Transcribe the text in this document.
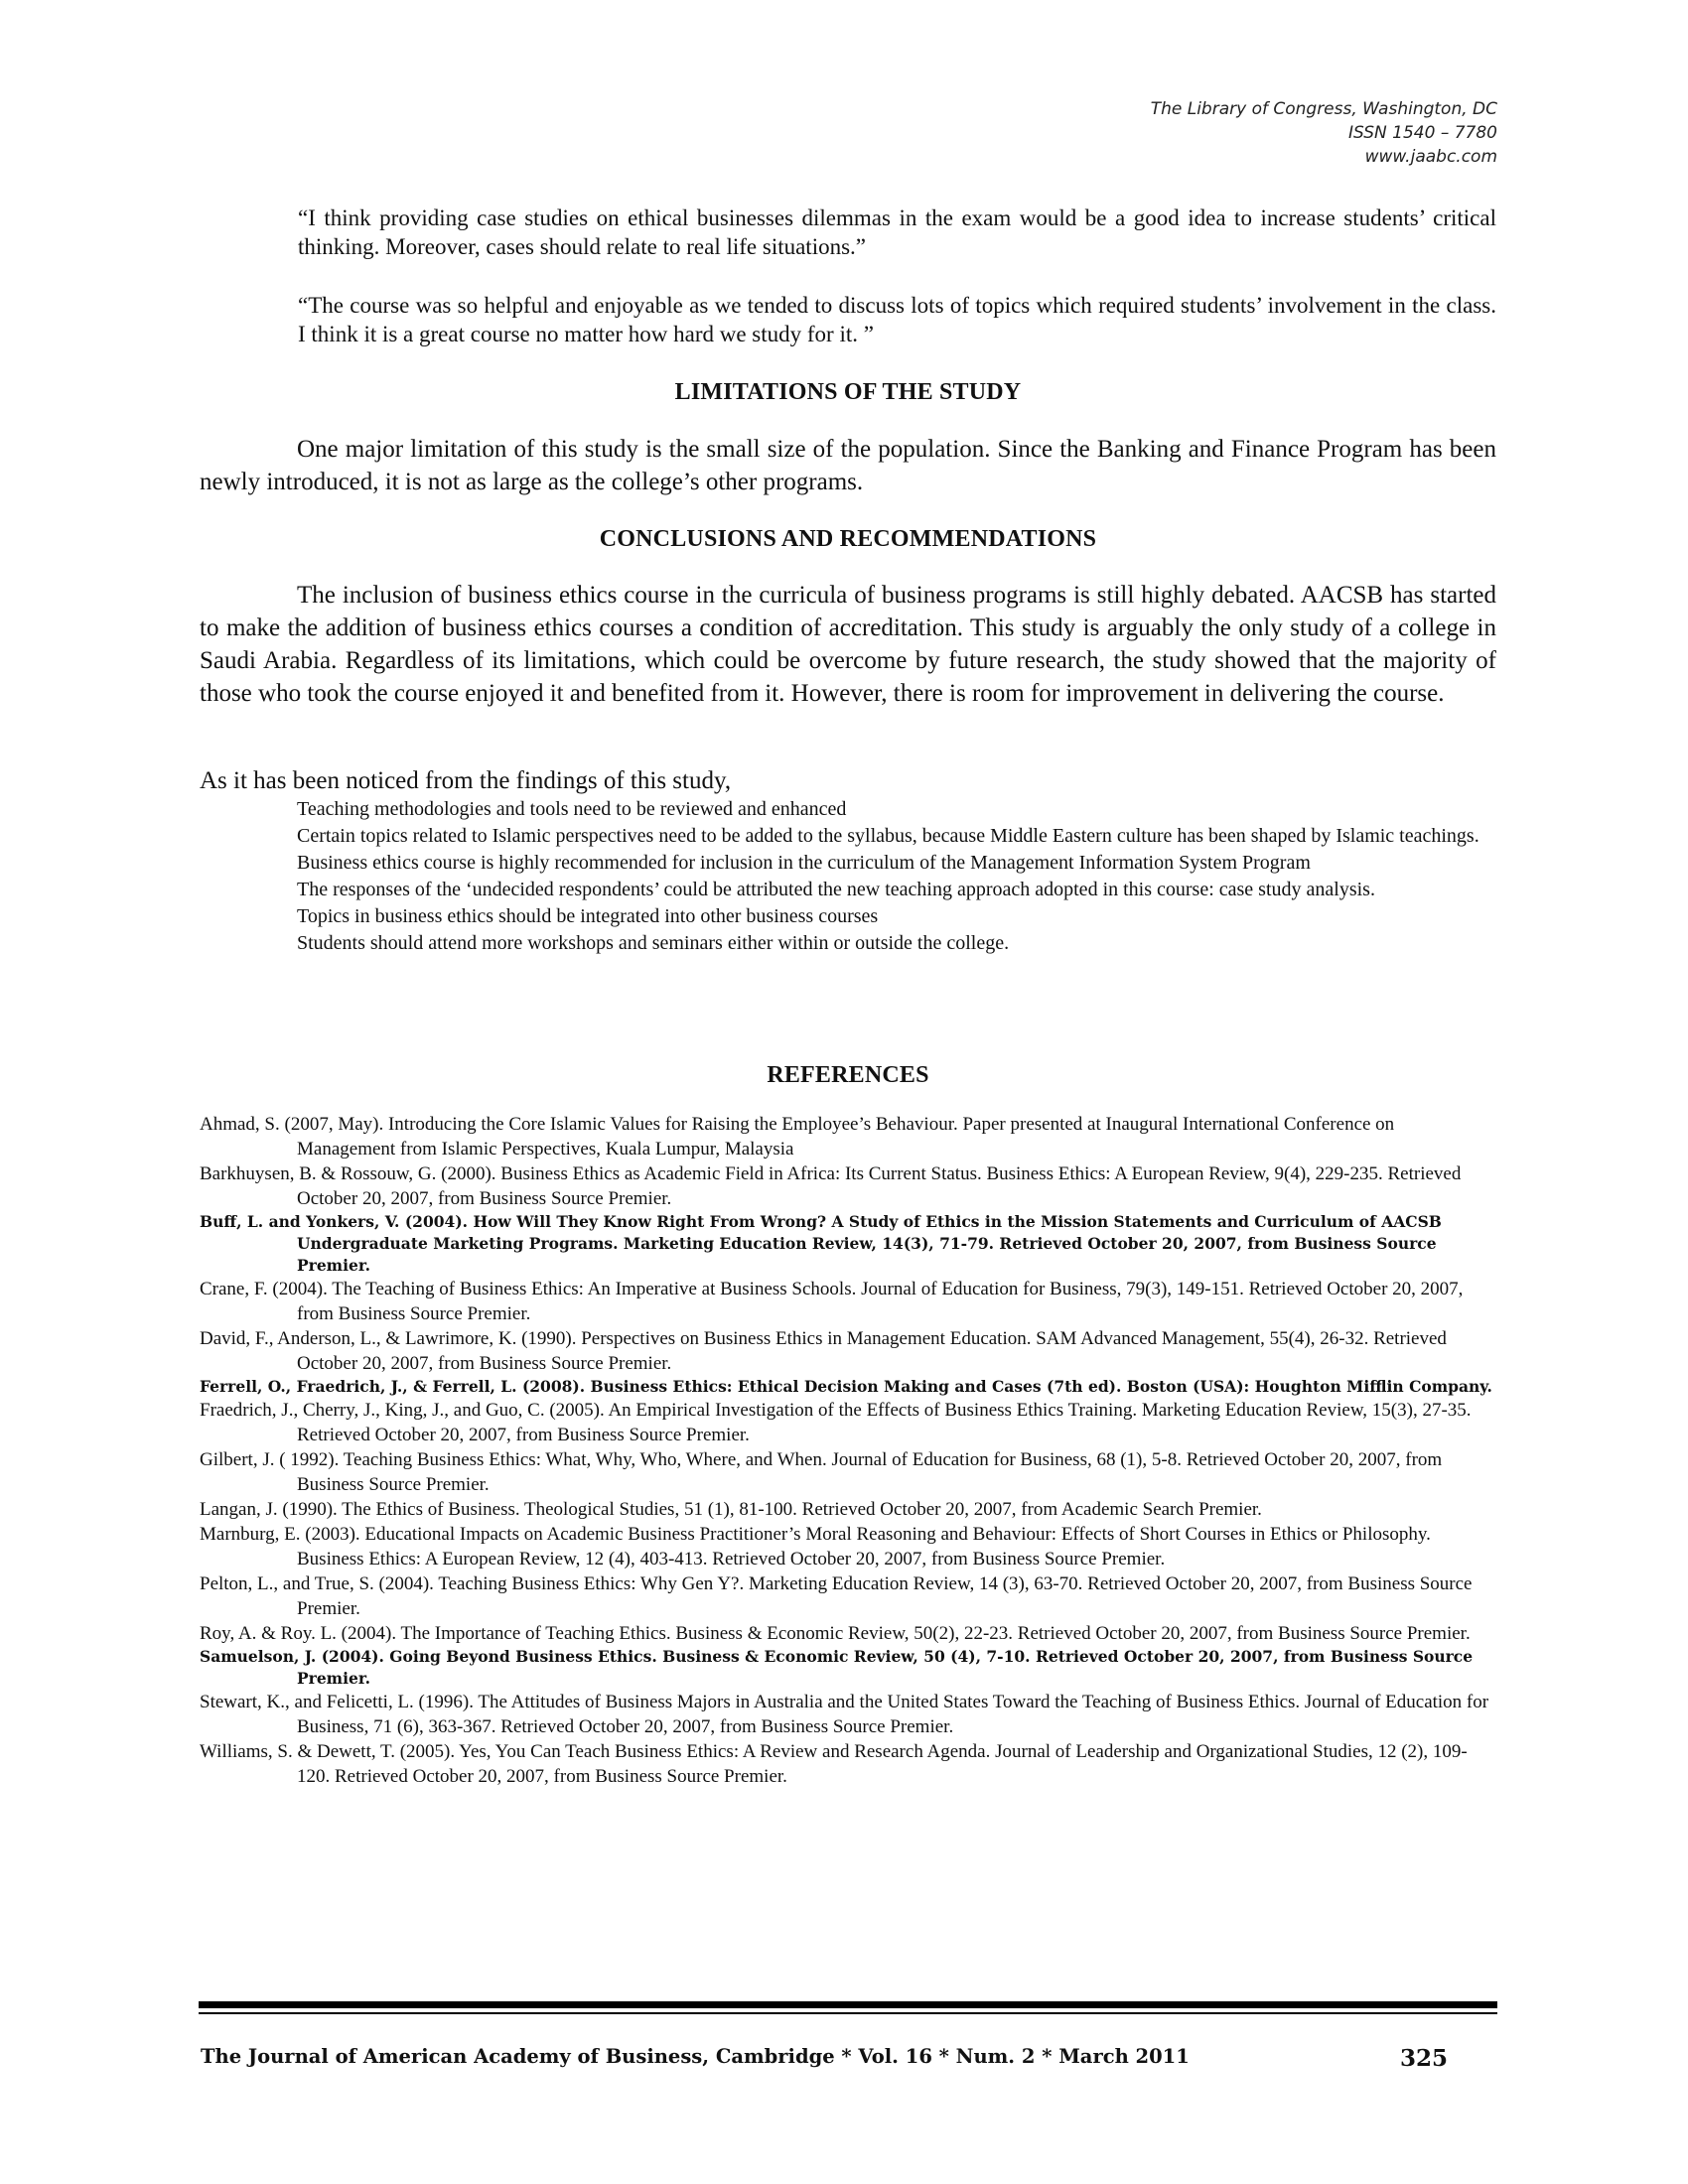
The Library of Congress, Washington, DC
ISSN 1540 – 7780
www.jaabc.com

“I think providing case studies on ethical businesses dilemmas in the exam would be a good idea to increase students’ critical thinking. Moreover, cases should relate to real life situations.”

“The course was so helpful and enjoyable as we tended to discuss lots of topics which required students’ involvement in the class. I think it is a great course no matter how hard we study for it. ”

LIMITATIONS OF THE STUDY

One major limitation of this study is the small size of the population. Since the Banking and Finance Program has been newly introduced, it is not as large as the college’s other programs.

CONCLUSIONS AND RECOMMENDATIONS

The inclusion of business ethics course in the curricula of business programs is still highly debated. AACSB has started to make the addition of business ethics courses a condition of accreditation. This study is arguably the only study of a college in Saudi Arabia. Regardless of its limitations, which could be overcome by future research, the study showed that the majority of those who took the course enjoyed it and benefited from it. However, there is room for improvement in delivering the course.

As it has been noticed from the findings of this study,

Teaching methodologies and tools need to be reviewed and enhanced
Certain topics related to Islamic perspectives need to be added to the syllabus, because Middle Eastern culture has been shaped by Islamic teachings.
Business ethics course is highly recommended for inclusion in the curriculum of the Management Information System Program
The responses of the ‘undecided respondents’ could be attributed the new teaching approach adopted in this course: case study analysis.
Topics in business ethics should be integrated into other business courses
Students should attend more workshops and seminars either within or outside the college.
REFERENCES
Ahmad, S. (2007, May). Introducing the Core Islamic Values for Raising the Employee’s Behaviour. Paper presented at Inaugural International Conference on Management from Islamic Perspectives, Kuala Lumpur, Malaysia
Barkhuysen, B. & Rossouw, G. (2000). Business Ethics as Academic Field in Africa: Its Current Status. Business Ethics: A European Review, 9(4), 229-235. Retrieved October 20, 2007, from Business Source Premier.
Buff, L. and Yonkers, V. (2004). How Will They Know Right From Wrong? A Study of Ethics in the Mission Statements and Curriculum of AACSB Undergraduate Marketing Programs. Marketing Education Review, 14(3), 71-79. Retrieved October 20, 2007, from Business Source Premier.
Crane, F. (2004). The Teaching of Business Ethics: An Imperative at Business Schools. Journal of Education for Business, 79(3), 149-151. Retrieved October 20, 2007, from Business Source Premier.
David, F., Anderson, L., & Lawrimore, K. (1990). Perspectives on Business Ethics in Management Education. SAM Advanced Management, 55(4), 26-32. Retrieved October 20, 2007, from Business Source Premier.
Ferrell, O., Fraedrich, J., & Ferrell, L. (2008). Business Ethics: Ethical Decision Making and Cases (7th ed). Boston (USA): Houghton Mifflin Company.
Fraedrich, J., Cherry, J., King, J., and Guo, C. (2005). An Empirical Investigation of the Effects of Business Ethics Training. Marketing Education Review, 15(3), 27-35. Retrieved October 20, 2007, from Business Source Premier.
Gilbert, J. ( 1992). Teaching Business Ethics: What, Why, Who, Where, and When. Journal of Education for Business, 68 (1), 5-8. Retrieved October 20, 2007, from Business Source Premier.
Langan, J. (1990). The Ethics of Business. Theological Studies, 51 (1), 81-100. Retrieved October 20, 2007, from Academic Search Premier.
Marnburg, E. (2003). Educational Impacts on Academic Business Practitioner’s Moral Reasoning and Behaviour: Effects of Short Courses in Ethics or Philosophy. Business Ethics: A European Review, 12 (4), 403-413. Retrieved October 20, 2007, from Business Source Premier.
Pelton, L., and True, S. (2004). Teaching Business Ethics: Why Gen Y?. Marketing Education Review, 14 (3), 63-70. Retrieved October 20, 2007, from Business Source Premier.
Roy, A. & Roy. L. (2004). The Importance of Teaching Ethics. Business & Economic Review, 50(2), 22-23. Retrieved October 20, 2007, from Business Source Premier.
Samuelson, J. (2004). Going Beyond Business Ethics. Business & Economic Review, 50 (4), 7-10. Retrieved October 20, 2007, from Business Source Premier.
Stewart, K., and Felicetti, L. (1996). The Attitudes of Business Majors in Australia and the United States Toward the Teaching of Business Ethics. Journal of Education for Business, 71 (6), 363-367. Retrieved October 20, 2007, from Business Source Premier.
Williams, S. & Dewett, T. (2005). Yes, You Can Teach Business Ethics: A Review and Research Agenda. Journal of Leadership and Organizational Studies, 12 (2), 109-120. Retrieved October 20, 2007, from Business Source Premier.
The Journal of American Academy of Business, Cambridge * Vol. 16 * Num. 2 * March 2011	325
